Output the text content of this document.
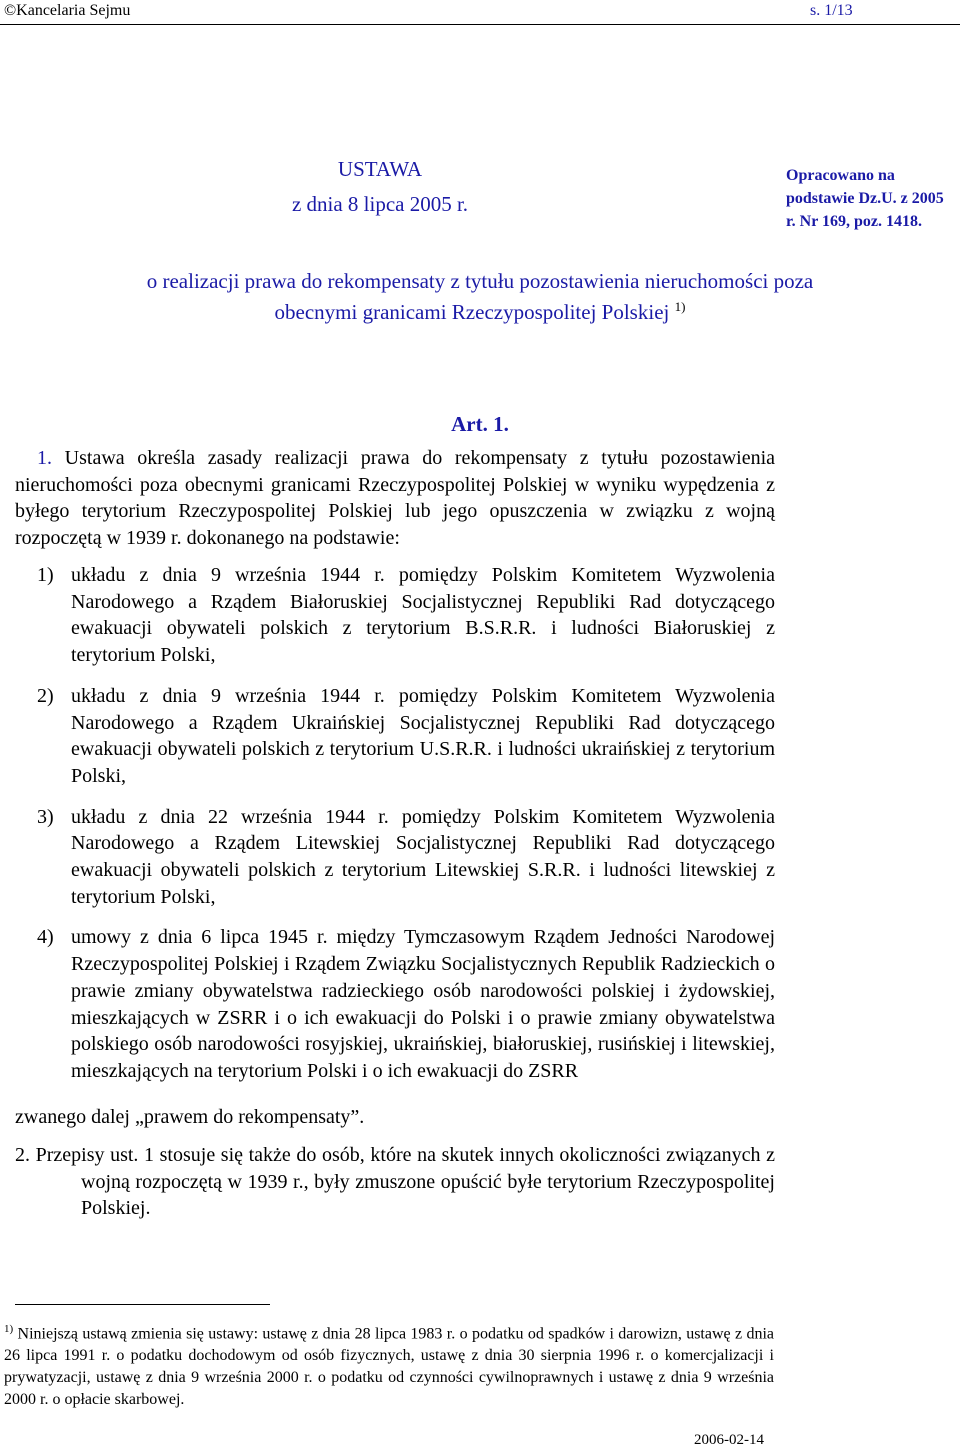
©Kancelaria Sejmu	s. 1/13
USTAWA
z dnia 8 lipca 2005 r.
Opracowano na podstawie Dz.U. z 2005 r. Nr 169, poz. 1418.
o realizacji prawa do rekompensaty z tytułu pozostawienia nieruchomości poza
obecnymi granicami Rzeczypospolitej Polskiej $^{1)}$
Art. 1.
1. Ustawa określa zasady realizacji prawa do rekompensaty z tytułu pozostawienia nieruchomości poza obecnymi granicami Rzeczypospolitej Polskiej w wyniku wypędzenia z byłego terytorium Rzeczypospolitej Polskiej lub jego opuszczenia w związku z wojną rozpoczętą w 1939 r. dokonanego na podstawie:
1) układu z dnia 9 września 1944 r. pomiędzy Polskim Komitetem Wyzwolenia Narodowego a Rządem Białoruskiej Socjalistycznej Republiki Rad dotyczącego ewakuacji obywateli polskich z terytorium B.S.R.R. i ludności Białoruskiej z terytorium Polski,
2) układu z dnia 9 września 1944 r. pomiędzy Polskim Komitetem Wyzwolenia Narodowego a Rządem Ukraińskiej Socjalistycznej Republiki Rad dotyczącego ewakuacji obywateli polskich z terytorium U.S.R.R. i ludności ukraińskiej z terytorium Polski,
3) układu z dnia 22 września 1944 r. pomiędzy Polskim Komitetem Wyzwolenia Narodowego a Rządem Litewskiej Socjalistycznej Republiki Rad dotyczącego ewakuacji obywateli polskich z terytorium Litewskiej S.R.R. i ludności litewskiej z terytorium Polski,
4) umowy z dnia 6 lipca 1945 r. między Tymczasowym Rządem Jedności Narodowej Rzeczypospolitej Polskiej i Rządem Związku Socjalistycznych Republik Radzieckich o prawie zmiany obywatelstwa radzieckiego osób narodowości polskiej i żydowskiej, mieszkających w ZSRR i o ich ewakuacji do Polski i o prawie zmiany obywatelstwa polskiego osób narodowości rosyjskiej, ukraińskiej, białoruskiej, rusińskiej i litewskiej, mieszkających na terytorium Polski i o ich ewakuacji do ZSRR
zwanego dalej „prawem do rekompensaty”.
2. Przepisy ust. 1 stosuje się także do osób, które na skutek innych okoliczności związanych z wojną rozpoczętą w 1939 r., były zmuszone opuścić byłe terytorium Rzeczypospolitej Polskiej.
$^{1)}$ Niniejszą ustawą zmienia się ustawy: ustawę z dnia 28 lipca 1983 r. o podatku od spadków i darowizn, ustawę z dnia 26 lipca 1991 r. o podatku dochodowym od osób fizycznych, ustawę z dnia 30 sierpnia 1996 r. o komercjalizacji i prywatyzacji, ustawę z dnia 9 września 2000 r. o podatku od czynności cywilnoprawnych i ustawę z dnia 9 września 2000 r. o opłacie skarbowej.
2006-02-14
